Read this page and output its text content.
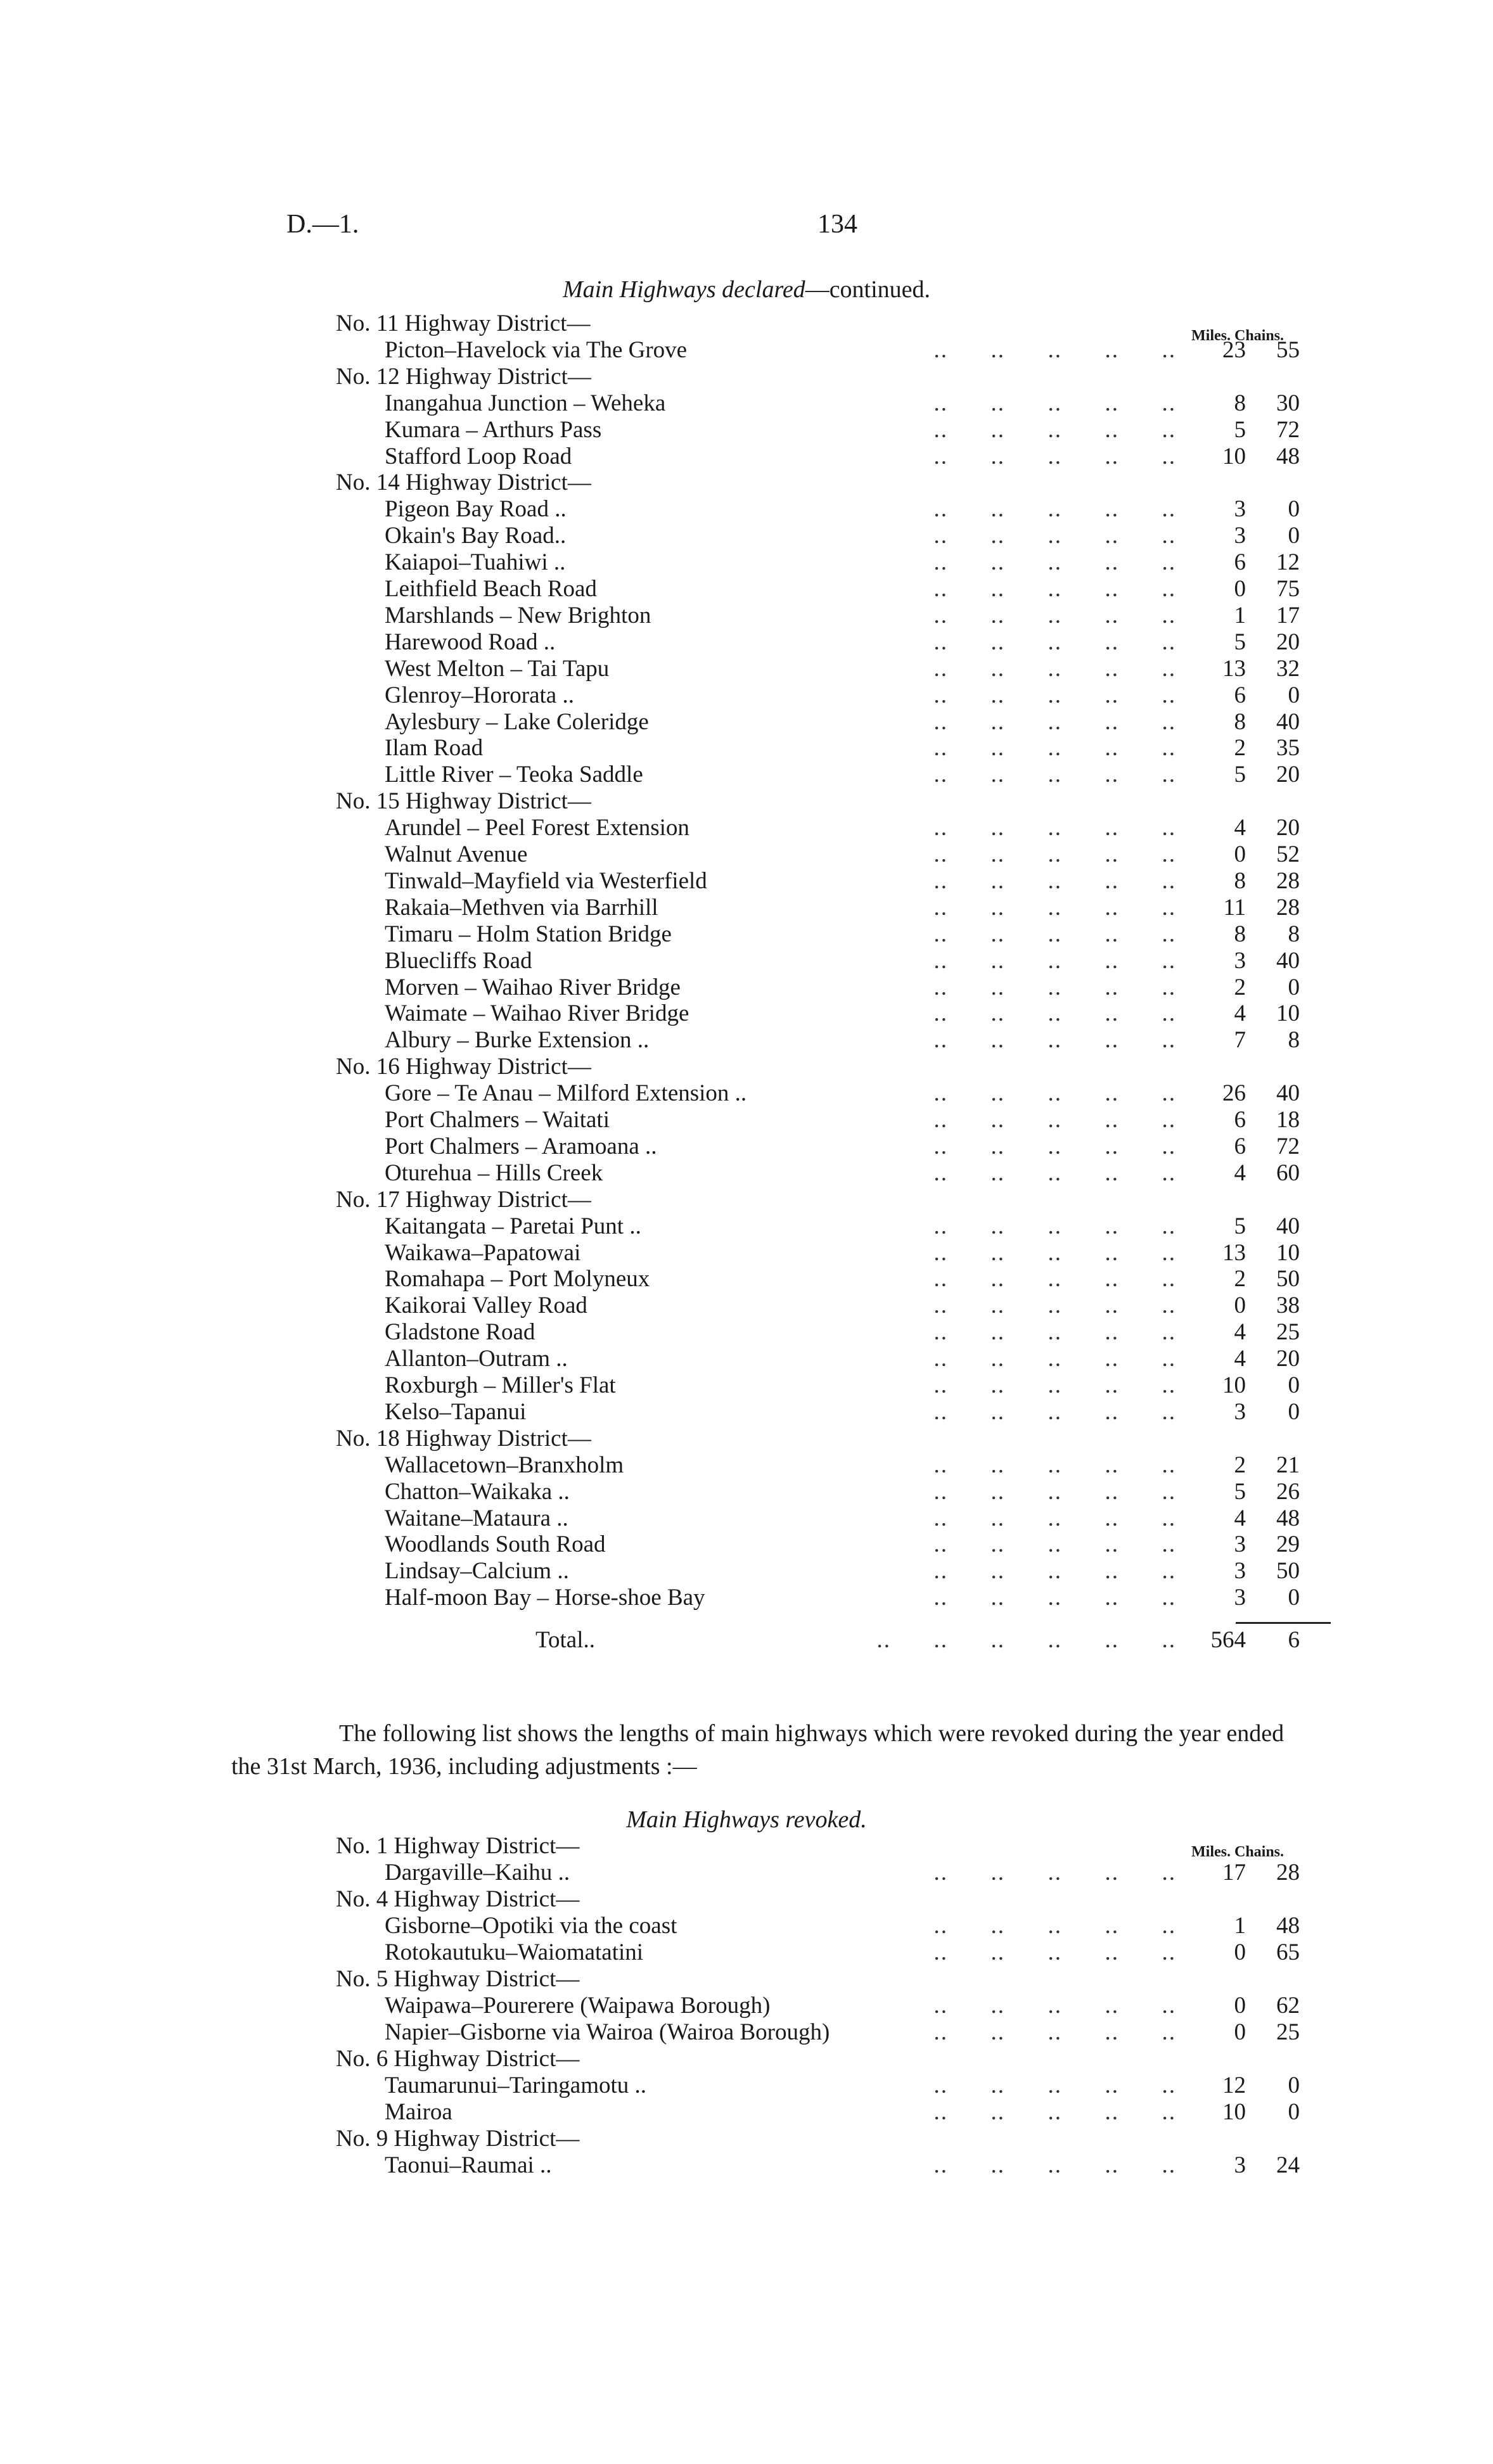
D.—1.	134
Main Highways declared—continued.
Miles. Chains.
No. 11 Highway District—
Picton–Havelock via The Grove	..      ..      ..      ..      ..	23	55
No. 12 Highway District—
Inangahua Junction – Weheka	..      ..      ..      ..      ..	8	30
Kumara – Arthurs Pass	..      ..      ..      ..      ..	5	72
Stafford Loop Road	..      ..      ..      ..      ..	10	48
No. 14 Highway District—
Pigeon Bay Road ..	..      ..      ..      ..      ..	3	0
Okain's Bay Road..	..      ..      ..      ..      ..	3	0
Kaiapoi–Tuahiwi ..	..      ..      ..      ..      ..	6	12
Leithfield Beach Road	..      ..      ..      ..      ..	0	75
Marshlands – New Brighton	..      ..      ..      ..      ..	1	17
Harewood Road ..	..      ..      ..      ..      ..	5	20
West Melton – Tai Tapu	..      ..      ..      ..      ..	13	32
Glenroy–Hororata ..	..      ..      ..      ..      ..	6	0
Aylesbury – Lake Coleridge	..      ..      ..      ..      ..	8	40
Ilam Road	..      ..      ..      ..      ..	2	35
Little River – Teoka Saddle	..      ..      ..      ..      ..	5	20
No. 15 Highway District—
Arundel – Peel Forest Extension	..      ..      ..      ..      ..	4	20
Walnut Avenue	..      ..      ..      ..      ..	0	52
Tinwald–Mayfield via Westerfield	..      ..      ..      ..      ..	8	28
Rakaia–Methven via Barrhill	..      ..      ..      ..      ..	11	28
Timaru – Holm Station Bridge	..      ..      ..      ..      ..	8	8
Bluecliffs Road	..      ..      ..      ..      ..	3	40
Morven – Waihao River Bridge	..      ..      ..      ..      ..	2	0
Waimate – Waihao River Bridge	..      ..      ..      ..      ..	4	10
Albury – Burke Extension ..	..      ..      ..      ..      ..	7	8
No. 16 Highway District—
Gore – Te Anau – Milford Extension ..	..      ..      ..      ..      ..	26	40
Port Chalmers – Waitati	..      ..      ..      ..      ..	6	18
Port Chalmers – Aramoana ..	..      ..      ..      ..      ..	6	72
Oturehua – Hills Creek	..      ..      ..      ..      ..	4	60
No. 17 Highway District—
Kaitangata – Paretai Punt ..	..      ..      ..      ..      ..	5	40
Waikawa–Papatowai	..      ..      ..      ..      ..	13	10
Romahapa – Port Molyneux	..      ..      ..      ..      ..	2	50
Kaikorai Valley Road	..      ..      ..      ..      ..	0	38
Gladstone Road	..      ..      ..      ..      ..	4	25
Allanton–Outram ..	..      ..      ..      ..      ..	4	20
Roxburgh – Miller's Flat	..      ..      ..      ..      ..	10	0
Kelso–Tapanui	..      ..      ..      ..      ..	3	0
No. 18 Highway District—
Wallacetown–Branxholm	..      ..      ..      ..      ..	2	21
Chatton–Waikaka ..	..      ..      ..      ..      ..	5	26
Waitane–Mataura ..	..      ..      ..      ..      ..	4	48
Woodlands South Road	..      ..      ..      ..      ..	3	29
Lindsay–Calcium ..	..      ..      ..      ..      ..	3	50
Half-moon Bay – Horse-shoe Bay	..      ..      ..      ..      ..	3	0
Total..	..      ..      ..      ..      ..      ..	564	6
The following list shows the lengths of main highways which were revoked during the year ended
the 31st March, 1936, including adjustments :—
Main Highways revoked.
Miles. Chains.
No. 1 Highway District—
Dargaville–Kaihu ..	..      ..      ..      ..      ..	17	28
No. 4 Highway District—
Gisborne–Opotiki via the coast	..      ..      ..      ..      ..	1	48
Rotokautuku–Waiomatatini	..      ..      ..      ..      ..	0	65
No. 5 Highway District—
Waipawa–Pourerere (Waipawa Borough)	..      ..      ..      ..      ..	0	62
Napier–Gisborne via Wairoa (Wairoa Borough)	..      ..      ..      ..      ..	0	25
No. 6 Highway District—
Taumarunui–Taringamotu ..	..      ..      ..      ..      ..	12	0
Mairoa	..      ..      ..      ..      ..	10	0
No. 9 Highway District—
Taonui–Raumai ..	..      ..      ..      ..      ..	3	24
